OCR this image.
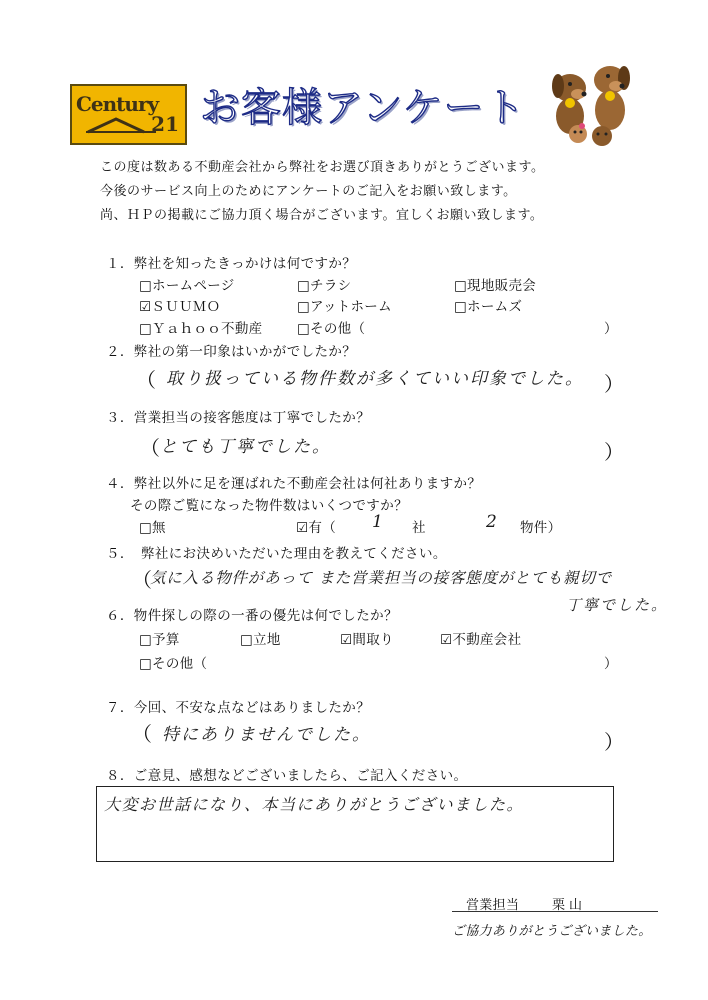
Century
21 お客様アンケート
この度は数ある不動産会社から弊社をお選び頂きありがとうございます。
今後のサービス向上のためにアンケートのご記入をお願い致します。
尚、ＨＰの掲載にご協力頂く場合がございます。宜しくお願い致します。
１．弊社を知ったきっかけは何ですか？
□ホームページ	□チラシ	□現地販売会
☑ＳＵＵＭＯ	□アットホーム	□ホームズ
□Ｙａｈｏｏ不動産	□その他（	）
２．弊社の第一印象はいかがでしたか？
（ 取り扱っている物件数が多くていい印象でした。 ）
３．営業担当の接客態度は丁寧でしたか？
（ とても丁寧でした。	）
４．弊社以外に足を運ばれた不動産会社は何社ありますか？
その際ご覧になった物件数はいくつですか？
□無	☑有（ 1 社	2 物件）
５．　弊社にお決めいただいた理由を教えてください。
（
気に入る物件があって また営業担当の接客態度がとても親切で
丁寧でした。
６．物件探しの際の一番の優先は何でしたか？
□予算	□立地	☑間取り	☑不動産会社
□その他（	）
７．今回、不安な点などはありましたか？
（ 特にありませんでした。	）
８．ご意見、感想などございましたら、ご記入ください。
大変お世話になり、本当にありがとうございました。
営業担当	栗山
ご協力ありがとうございました。
